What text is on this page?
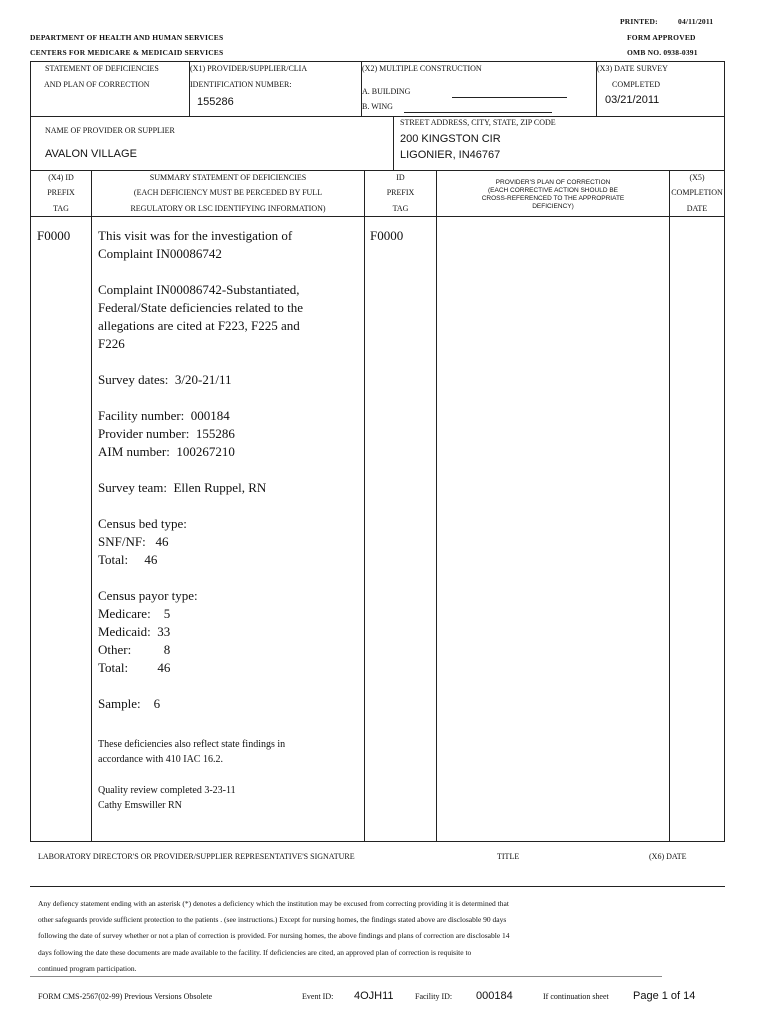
PRINTED:	04/11/2011
DEPARTMENT OF HEALTH AND HUMAN SERVICES	FORM APPROVED
CENTERS FOR MEDICARE & MEDICAID SERVICES	OMB NO. 0938-0391
STATEMENT OF DEFICIENCIES
AND PLAN OF CORRECTION
(X1) PROVIDER/SUPPLIER/CLIA
IDENTIFICATION NUMBER:
155286
(X2) MULTIPLE CONSTRUCTION
A. BUILDING
B. WING
(X3) DATE SURVEY
COMPLETED
03/21/2011
NAME OF PROVIDER OR SUPPLIER
AVALON VILLAGE
STREET ADDRESS, CITY, STATE, ZIP CODE
200 KINGSTON CIR
LIGONIER, IN46767
(X4) ID
PREFIX
TAG
SUMMARY STATEMENT OF DEFICIENCIES
(EACH DEFICIENCY MUST BE PERCEDED BY FULL
REGULATORY OR LSC IDENTIFYING INFORMATION)
ID
PREFIX
TAG
PROVIDER'S PLAN OF CORRECTION
(EACH CORRECTIVE ACTION SHOULD BE
CROSS-REFERENCED TO THE APPROPRIATE
DEFICIENCY)
(X5)
COMPLETION
DATE
F0000	F0000
This visit was for the investigation of
Complaint IN00086742
Complaint IN00086742-Substantiated,
Federal/State deficiencies related to the
allegations are cited at F223, F225 and
F226
Survey dates:  3/20-21/11
Facility number:  000184
Provider number:  155286
AIM number:  100267210
Survey team:  Ellen Ruppel, RN
Census bed type:
SNF/NF:   46
Total:     46
Census payor type:
Medicare:    5
Medicaid:  33
Other:          8
Total:         46
Sample:    6
These deficiencies also reflect state findings in
accordance with 410 IAC 16.2.
Quality review completed 3-23-11
Cathy Emswiller RN
LABORATORY DIRECTOR'S OR PROVIDER/SUPPLIER REPRESENTATIVE'S SIGNATURE	TITLE	(X6) DATE
Any defiency statement ending with an asterisk (*) denotes a deficiency which the institution may be excused from correcting providing it is determined that
other safeguards provide sufficient protection to the patients . (see instructions.) Except for nursing homes, the findings stated above are disclosable 90 days
following the date of survey whether or not a plan of correction is provided. For nursing homes, the above findings and plans of correction are disclosable 14
days following the date these documents are made available to the facility. If deficiencies are cited, an approved plan of correction is requisite to
continued program participation.
FORM CMS-2567(02-99) Previous Versions Obsolete	Event ID: 4OJH11	Facility ID: 000184	If continuation sheet Page 1 of 14
